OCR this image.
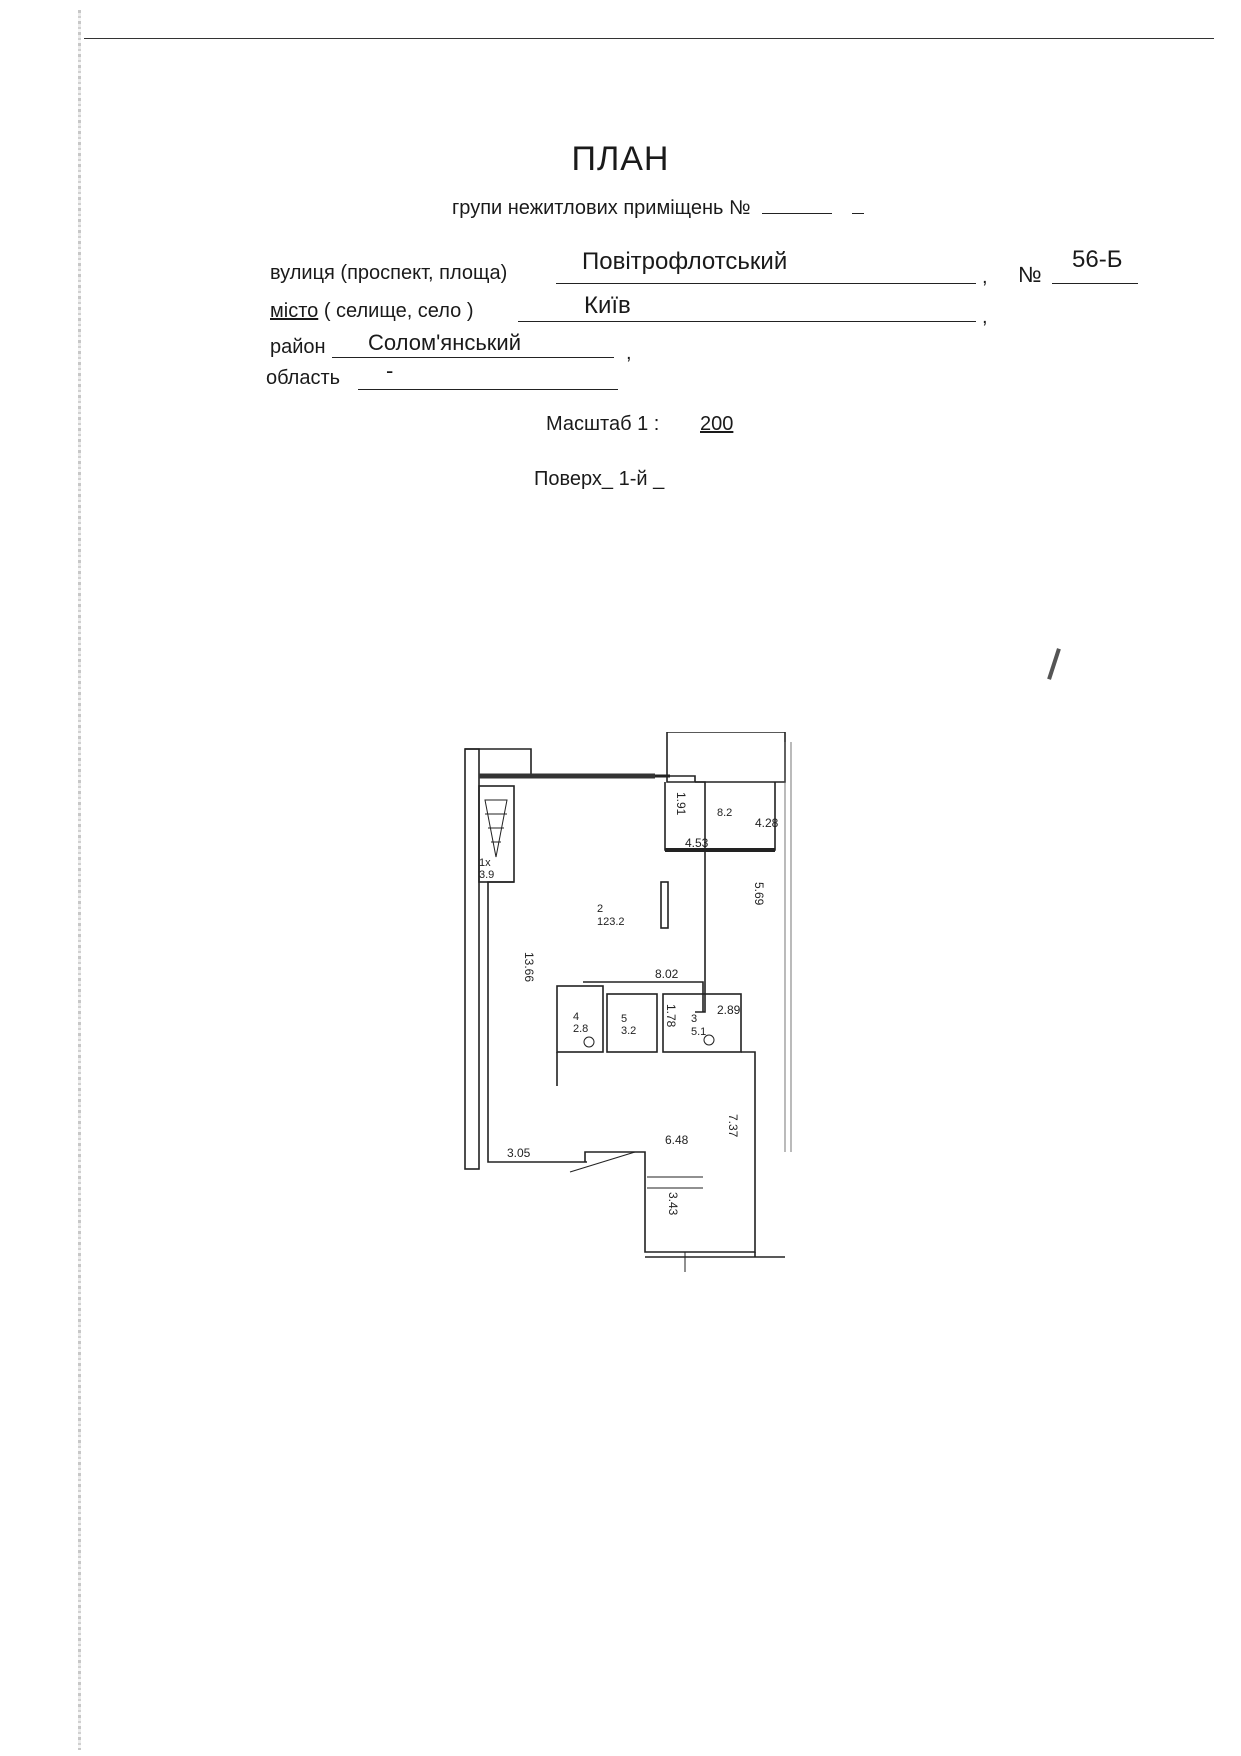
ПЛАН
групи нежитлових приміщень №
вулиця (проспект, площа)	Повітрофлотський
, №
56-Б
місто ( селище, село )	Київ	,
район Солом'янський	,
область -
Масштаб 1 : 200
Поверх_ 1-й _
1х
3.9
2
123.2
3
5.1
4
2.8
5
3.2
8.2
13.66
5.69
4.53
4.28
1.91
8.02
2.89
1.78
3.05
6.48
7.37
3.43
